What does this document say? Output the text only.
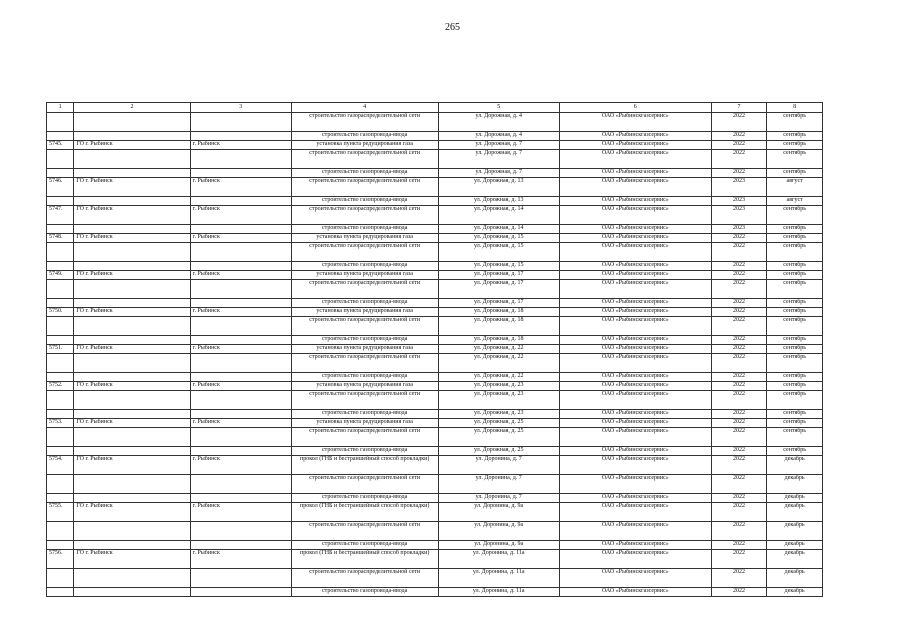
265
1	2	3	4	5	6	7	8
			строительство газораспределительной сети	ул. Дорожная, д. 4	ОАО «Рыбинскгазсервис»	2022	сентябрь
			строительство газопровода-ввода	ул. Дорожная, д. 4	ОАО «Рыбинскгазсервис»	2022	сентябрь
5745.	ГО г. Рыбинск	г. Рыбинск	установка пункта редуцирования газа	ул. Дорожная, д. 7	ОАО «Рыбинскгазсервис»	2022	сентябрь
			строительство газораспределительной сети	ул. Дорожная, д. 7	ОАО «Рыбинскгазсервис»	2022	сентябрь
			строительство газопровода-ввода	ул. Дорожная, д. 7	ОАО «Рыбинскгазсервис»	2022	сентябрь
5746.	ГО г. Рыбинск	г. Рыбинск	строительство газораспределительной сети	ул. Дорожная, д. 13	ОАО «Рыбинскгазсервис»	2023	август
			строительство газопровода-ввода	ул. Дорожная, д. 13	ОАО «Рыбинскгазсервис»	2023	август
5747.	ГО г. Рыбинск	г. Рыбинск	строительство газораспределительной сети	ул. Дорожная, д. 14	ОАО «Рыбинскгазсервис»	2023	сентябрь
			строительство газопровода-ввода	ул. Дорожная, д. 14	ОАО «Рыбинскгазсервис»	2023	сентябрь
5748.	ГО г. Рыбинск	г. Рыбинск	установка пункта редуцирования газа	ул. Дорожная, д. 15	ОАО «Рыбинскгазсервис»	2022	сентябрь
			строительство газораспределительной сети	ул. Дорожная, д. 15	ОАО «Рыбинскгазсервис»	2022	сентябрь
			строительство газопровода-ввода	ул. Дорожная, д. 15	ОАО «Рыбинскгазсервис»	2022	сентябрь
5749.	ГО г. Рыбинск	г. Рыбинск	установка пункта редуцирования газа	ул. Дорожная, д. 17	ОАО «Рыбинскгазсервис»	2022	сентябрь
			строительство газораспределительной сети	ул. Дорожная, д. 17	ОАО «Рыбинскгазсервис»	2022	сентябрь
			строительство газопровода-ввода	ул. Дорожная, д. 17	ОАО «Рыбинскгазсервис»	2022	сентябрь
5750.	ГО г. Рыбинск	г. Рыбинск	установка пункта редуцирования газа	ул. Дорожная, д. 18	ОАО «Рыбинскгазсервис»	2022	сентябрь
			строительство газораспределительной сети	ул. Дорожная, д. 18	ОАО «Рыбинскгазсервис»	2022	сентябрь
			строительство газопровода-ввода	ул. Дорожная, д. 18	ОАО «Рыбинскгазсервис»	2022	сентябрь
5751.	ГО г. Рыбинск	г. Рыбинск	установка пункта редуцирования газа	ул. Дорожная, д. 22	ОАО «Рыбинскгазсервис»	2022	сентябрь
			строительство газораспределительной сети	ул. Дорожная, д. 22	ОАО «Рыбинскгазсервис»	2022	сентябрь
			строительство газопровода-ввода	ул. Дорожная, д. 22	ОАО «Рыбинскгазсервис»	2022	сентябрь
5752.	ГО г. Рыбинск	г. Рыбинск	установка пункта редуцирования газа	ул. Дорожная, д. 23	ОАО «Рыбинскгазсервис»	2022	сентябрь
			строительство газораспределительной сети	ул. Дорожная, д. 23	ОАО «Рыбинскгазсервис»	2022	сентябрь
			строительство газопровода-ввода	ул. Дорожная, д. 23	ОАО «Рыбинскгазсервис»	2022	сентябрь
5753.	ГО г. Рыбинск	г. Рыбинск	установка пункта редуцирования газа	ул. Дорожная, д. 25	ОАО «Рыбинскгазсервис»	2022	сентябрь
			строительство газораспределительной сети	ул. Дорожная, д. 25	ОАО «Рыбинскгазсервис»	2022	сентябрь
			строительство газопровода-ввода	ул. Дорожная, д. 25	ОАО «Рыбинскгазсервис»	2022	сентябрь
5754.	ГО г. Рыбинск	г. Рыбинск	прокол (ГНБ и бестраншейный способ прокладки)	ул. Доронина, д. 7	ОАО «Рыбинскгазсервис»	2022	декабрь
			строительство газораспределительной сети	ул. Доронина, д. 7	ОАО «Рыбинскгазсервис»	2022	декабрь
			строительство газопровода-ввода	ул. Доронина, д. 7	ОАО «Рыбинскгазсервис»	2022	декабрь
5755.	ГО г. Рыбинск	г. Рыбинск	прокол (ГНБ и бестраншейный способ прокладки)	ул. Доронина, д. 9а	ОАО «Рыбинскгазсервис»	2022	декабрь
			строительство газораспределительной сети	ул. Доронина, д. 9а	ОАО «Рыбинскгазсервис»	2022	декабрь
			строительство газопровода-ввода	ул. Доронина, д. 9а	ОАО «Рыбинскгазсервис»	2022	декабрь
5756.	ГО г. Рыбинск	г. Рыбинск	прокол (ГНБ и бестраншейный способ прокладки)	ул. Доронина, д. 11а	ОАО «Рыбинскгазсервис»	2022	декабрь
			строительство газораспределительной сети	ул. Доронина, д. 11а	ОАО «Рыбинскгазсервис»	2022	декабрь
			строительство газопровода-ввода	ул. Доронина, д. 11а	ОАО «Рыбинскгазсервис»	2022	декабрь
